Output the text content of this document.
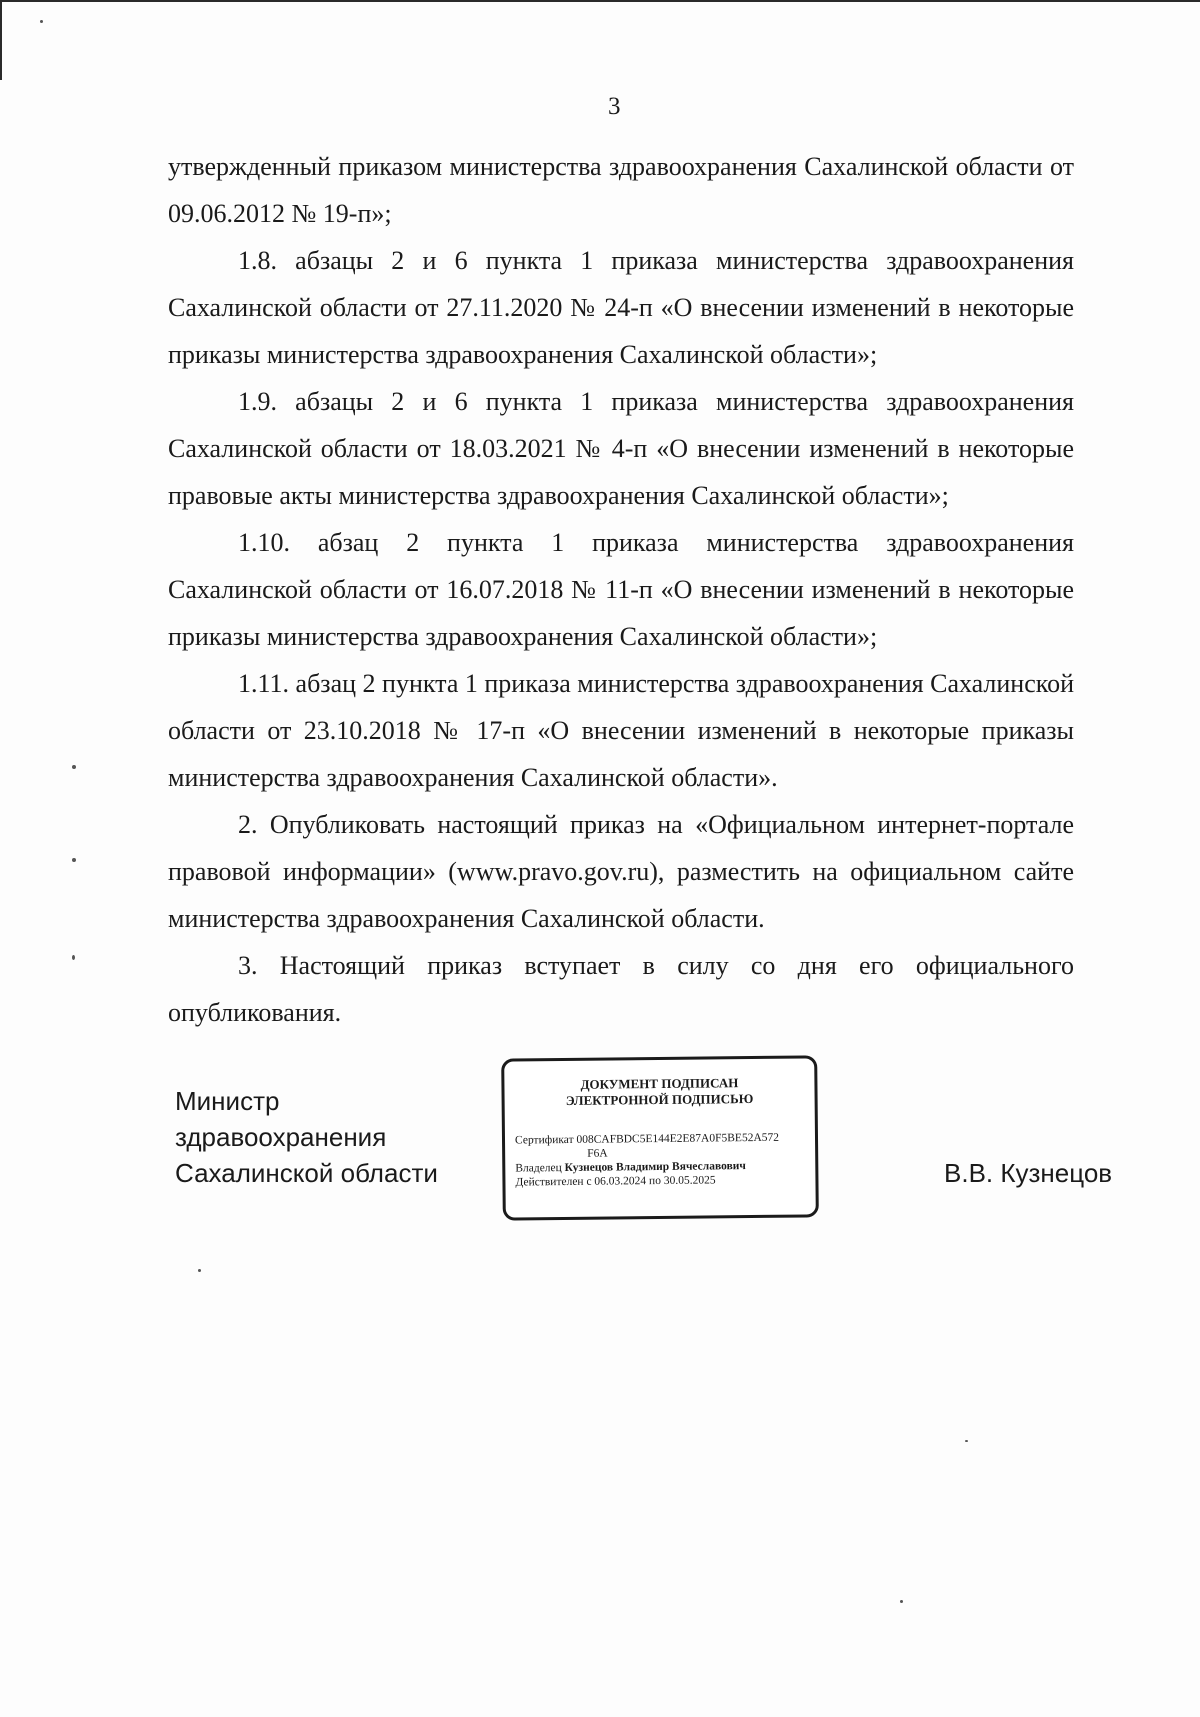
3

утвержденный приказом министерства здравоохранения Сахалинской области от 09.06.2012 № 19-п»;

1.8. абзацы 2 и 6 пункта 1 приказа министерства здравоохранения Сахалинской области от 27.11.2020 № 24-п «О внесении изменений в некоторые приказы министерства здравоохранения Сахалинской области»;

1.9. абзацы 2 и 6 пункта 1 приказа министерства здравоохранения Сахалинской области от 18.03.2021 № 4-п «О внесении изменений в некоторые правовые акты министерства здравоохранения Сахалинской области»;

1.10. абзац 2 пункта 1 приказа министерства здравоохранения Сахалинской области от 16.07.2018 № 11-п «О внесении изменений в некоторые приказы министерства здравоохранения Сахалинской области»;

1.11. абзац 2 пункта 1 приказа министерства здравоохранения Сахалинской области от 23.10.2018 № 17-п «О внесении изменений в некоторые приказы министерства здравоохранения Сахалинской области».

2. Опубликовать настоящий приказ на «Официальном интернет-портале правовой информации» (www.pravo.gov.ru), разместить на официальном сайте министерства здравоохранения Сахалинской области.

3. Настоящий приказ вступает в силу со дня его официального опубликования.

Министр
здравоохранения
Сахалинской области
ДОКУМЕНТ ПОДПИСАН
ЭЛЕКТРОННОЙ ПОДПИСЬЮ
Сертификат 008CAFBDC5E144E2E87A0F5BE52A572
F6A
Владелец Кузнецов Владимир Вячеславович
Действителен с 06.03.2024 по 30.05.2025	В.В. Кузнецов
